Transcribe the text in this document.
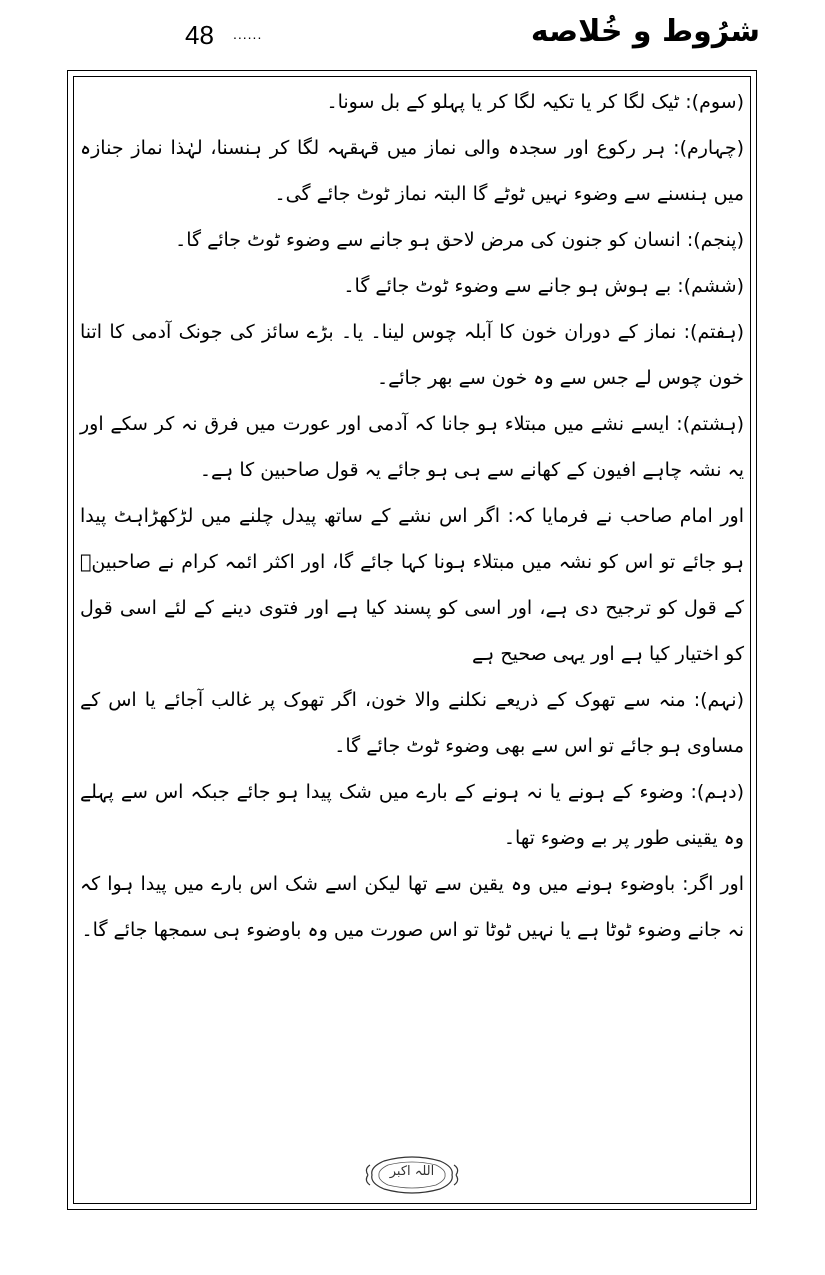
48 ......	شرُوط و خُلاصه

(سوم): ٹیک لگا کر یا تکیہ لگا کر یا پہلو کے بل سونا۔

(چہارم): ہر رکوع اور سجدہ والی نماز میں قہقہہ لگا کر ہنسنا، لہٰذا نماز جنازہ میں ہنسنے سے وضوء نہیں ٹوٹے گا البتہ نماز ٹوٹ جائے گی۔

(پنجم): انسان کو جنون کی مرض لاحق ہو جانے سے وضوء ٹوٹ جائے گا۔

(ششم): بے ہوش ہو جانے سے وضوء ٹوٹ جائے گا۔

(ہفتم): نماز کے دوران خون کا آبلہ چوس لینا۔ یا۔ بڑے سائز کی جونک آدمی کا اتنا خون چوس لے جس سے وہ خون سے بھر جائے۔

(ہشتم): ایسے نشے میں مبتلاء ہو جانا کہ آدمی اور عورت میں فرق نہ کر سکے اور یہ نشہ چاہے افیون کے کھانے سے ہی ہو جائے یہ قول صاحبین کا ہے۔

اور امام صاحب نے فرمایا کہ: اگر اس نشے کے ساتھ پیدل چلنے میں لڑکھڑاہٹ پیدا ہو جائے تو اس کو نشہ میں مبتلاء ہونا کہا جائے گا، اور اکثر ائمہ کرام نے صاحبینؒ کے قول کو ترجیح دی ہے، اور اسی کو پسند کیا ہے اور فتوی دینے کے لئے اسی قول کو اختیار کیا ہے اور یہی صحیح ہے

(نہم): منہ سے تھوک کے ذریعے نکلنے والا خون، اگر تھوک پر غالب آجائے یا اس کے مساوی ہو جائے تو اس سے بھی وضوء ٹوٹ جائے گا۔

(دہم): وضوء کے ہونے یا نہ ہونے کے بارے میں شک پیدا ہو جائے جبکہ اس سے پہلے وہ یقینی طور پر بے وضوء تھا۔

اور اگر: باوضوء ہونے میں وہ یقین سے تھا لیکن اسے شک اس بارے میں پیدا ہوا کہ نہ جانے وضوء ٹوٹا ہے یا نہیں ٹوٹا تو اس صورت میں وہ باوضوء ہی سمجھا جائے گا۔

اللہ اکبر
